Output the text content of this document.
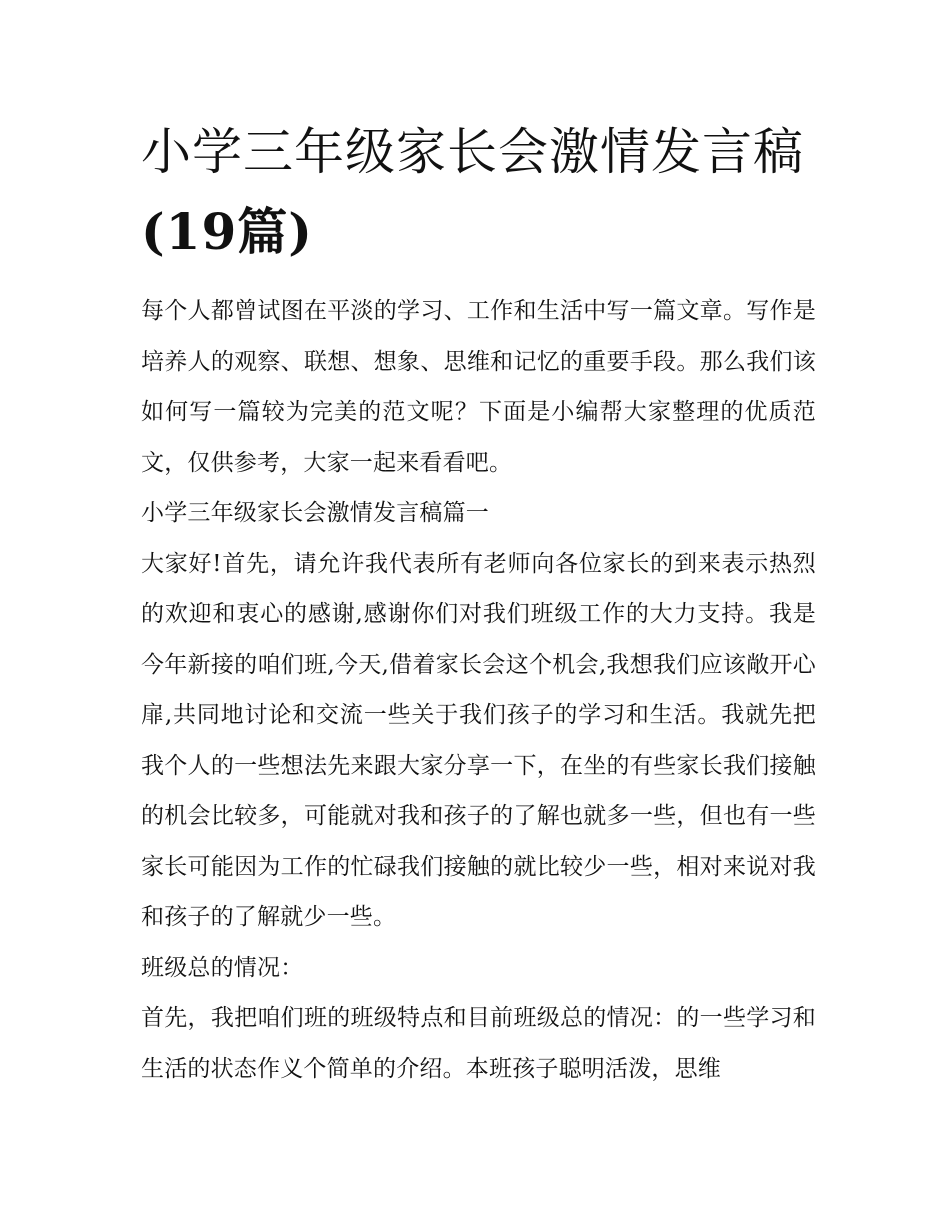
小学三年级家长会激情发言稿
(19篇)

每个人都曾试图在平淡的学习、工作和生活中写一篇文章。写作是培养人的观察、联想、想象、思维和记忆的重要手段。那么我们该如何写一篇较为完美的范文呢？下面是小编帮大家整理的优质范文，仅供参考，大家一起来看看吧。

小学三年级家长会激情发言稿篇一

大家好!首先，请允许我代表所有老师向各位家长的到来表示热烈的欢迎和衷心的感谢,感谢你们对我们班级工作的大力支持。我是今年新接的咱们班,今天,借着家长会这个机会,我想我们应该敞开心扉,共同地讨论和交流一些关于我们孩子的学习和生活。我就先把我个人的一些想法先来跟大家分享一下，在坐的有些家长我们接触的机会比较多，可能就对我和孩子的了解也就多一些，但也有一些家长可能因为工作的忙碌我们接触的就比较少一些，相对来说对我和孩子的了解就少一些。

班级总的情况：

首先，我把咱们班的班级特点和目前班级总的情况：的一些学习和生活的状态作义个简单的介绍。本班孩子聪明活泼，思维
